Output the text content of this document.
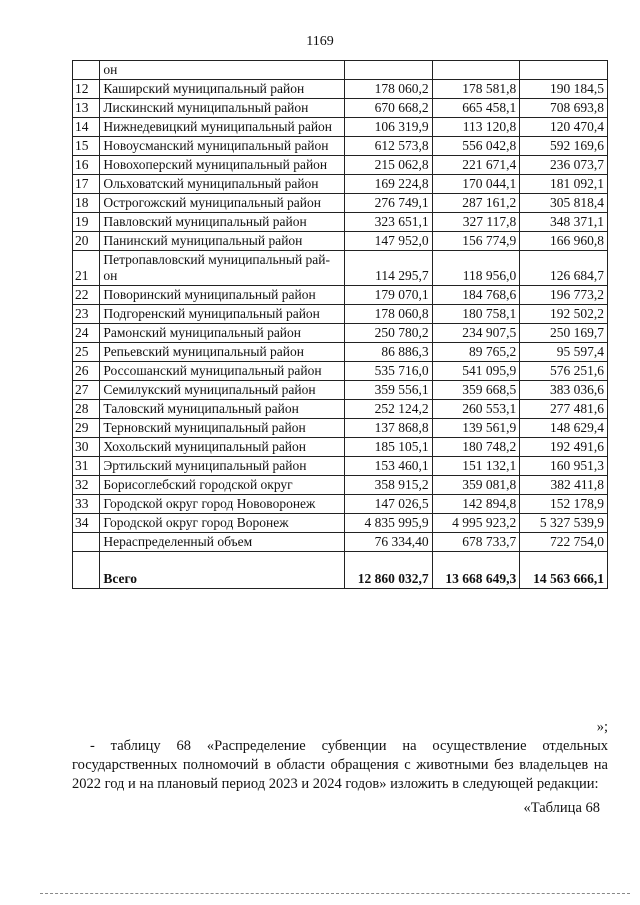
1169
	он			
12	Каширский муниципальный район	178 060,2	178 581,8	190 184,5
13	Лискинский муниципальный район	670 668,2	665 458,1	708 693,8
14	Нижнедевицкий муниципальный район	106 319,9	113 120,8	120 470,4
15	Новоусманский муниципальный район	612 573,8	556 042,8	592 169,6
16	Новохоперский муниципальный район	215 062,8	221 671,4	236 073,7
17	Ольховатский муниципальный район	169 224,8	170 044,1	181 092,1
18	Острогожский муниципальный район	276 749,1	287 161,2	305 818,4
19	Павловский муниципальный район	323 651,1	327 117,8	348 371,1
20	Панинский муниципальный район	147 952,0	156 774,9	166 960,8
21	Петропавловский муниципальный рай-он	114 295,7	118 956,0	126 684,7
22	Поворинский муниципальный район	179 070,1	184 768,6	196 773,2
23	Подгоренский муниципальный район	178 060,8	180 758,1	192 502,2
24	Рамонский муниципальный район	250 780,2	234 907,5	250 169,7
25	Репьевский муниципальный район	86 886,3	89 765,2	95 597,4
26	Россошанский муниципальный район	535 716,0	541 095,9	576 251,6
27	Семилукский муниципальный район	359 556,1	359 668,5	383 036,6
28	Таловский муниципальный район	252 124,2	260 553,1	277 481,6
29	Терновский муниципальный район	137 868,8	139 561,9	148 629,4
30	Хохольский муниципальный район	185 105,1	180 748,2	192 491,6
31	Эртильский муниципальный район	153 460,1	151 132,1	160 951,3
32	Борисоглебский городской округ	358 915,2	359 081,8	382 411,8
33	Городской округ город Нововоронеж	147 026,5	142 894,8	152 178,9
34	Городской округ город Воронеж	4 835 995,9	4 995 923,2	5 327 539,9
	Нераспределенный объем	76 334,40	678 733,7	722 754,0
	Всего	12 860 032,7	13 668 649,3	14 563 666,1
»;
- таблицу 68 «Распределение субвенции на осуществление отдельных государственных полномочий в области обращения с животными без владельцев на 2022 год и на плановый период 2023 и 2024 годов» изложить в следующей редакции:
«Таблица 68
